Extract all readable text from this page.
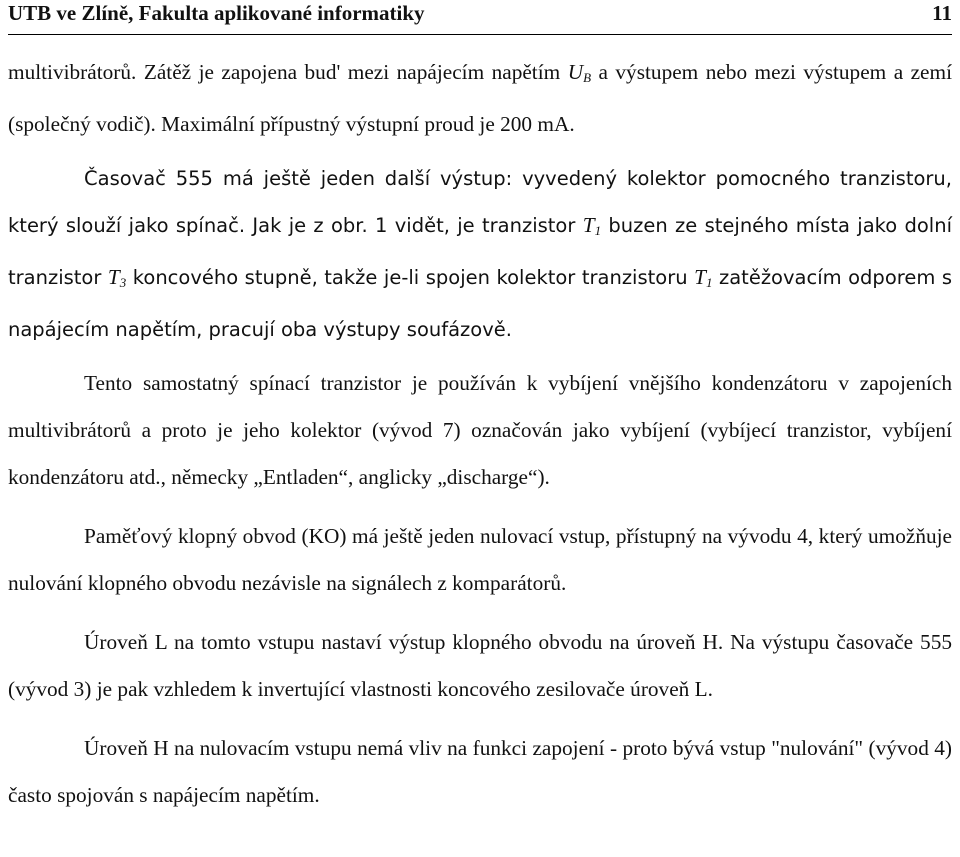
UTB ve Zlíně, Fakulta aplikované informatiky	11

multivibrátorů. Zátěž je zapojena bud' mezi napájecím napětím $U_B$ a výstupem nebo mezi výstupem a zemí (společný vodič). Maximální přípustný výstupní proud je 200 mA.

Časovač 555 má ještě jeden další výstup: vyvedený kolektor pomocného tranzistoru, který slouží jako spínač. Jak je z obr. 1 vidět, je tranzistor $T_1$ buzen ze stejného místa jako dolní tranzistor $T_3$ koncového stupně, takže je-li spojen kolektor tranzistoru $T_1$ zatěžovacím odporem s napájecím napětím, pracují oba výstupy soufázově.

Tento samostatný spínací tranzistor je používán k vybíjení vnějšího kondenzátoru v zapojeních multivibrátorů a proto je jeho kolektor (vývod 7) označován jako vybíjení (vybíjecí tranzistor, vybíjení kondenzátoru atd., německy „Entladen“, anglicky „discharge“).

Paměťový klopný obvod (KO) má ještě jeden nulovací vstup, přístupný na vývodu 4, který umožňuje nulování klopného obvodu nezávisle na signálech z komparátorů.

Úroveň L na tomto vstupu nastaví výstup klopného obvodu na úroveň H. Na výstupu časovače 555 (vývod 3) je pak vzhledem k invertující vlastnosti koncového zesilovače úroveň L.

Úroveň H na nulovacím vstupu nemá vliv na funkci zapojení - proto bývá vstup "nulování" (vývod 4) často spojován s napájecím napětím.
